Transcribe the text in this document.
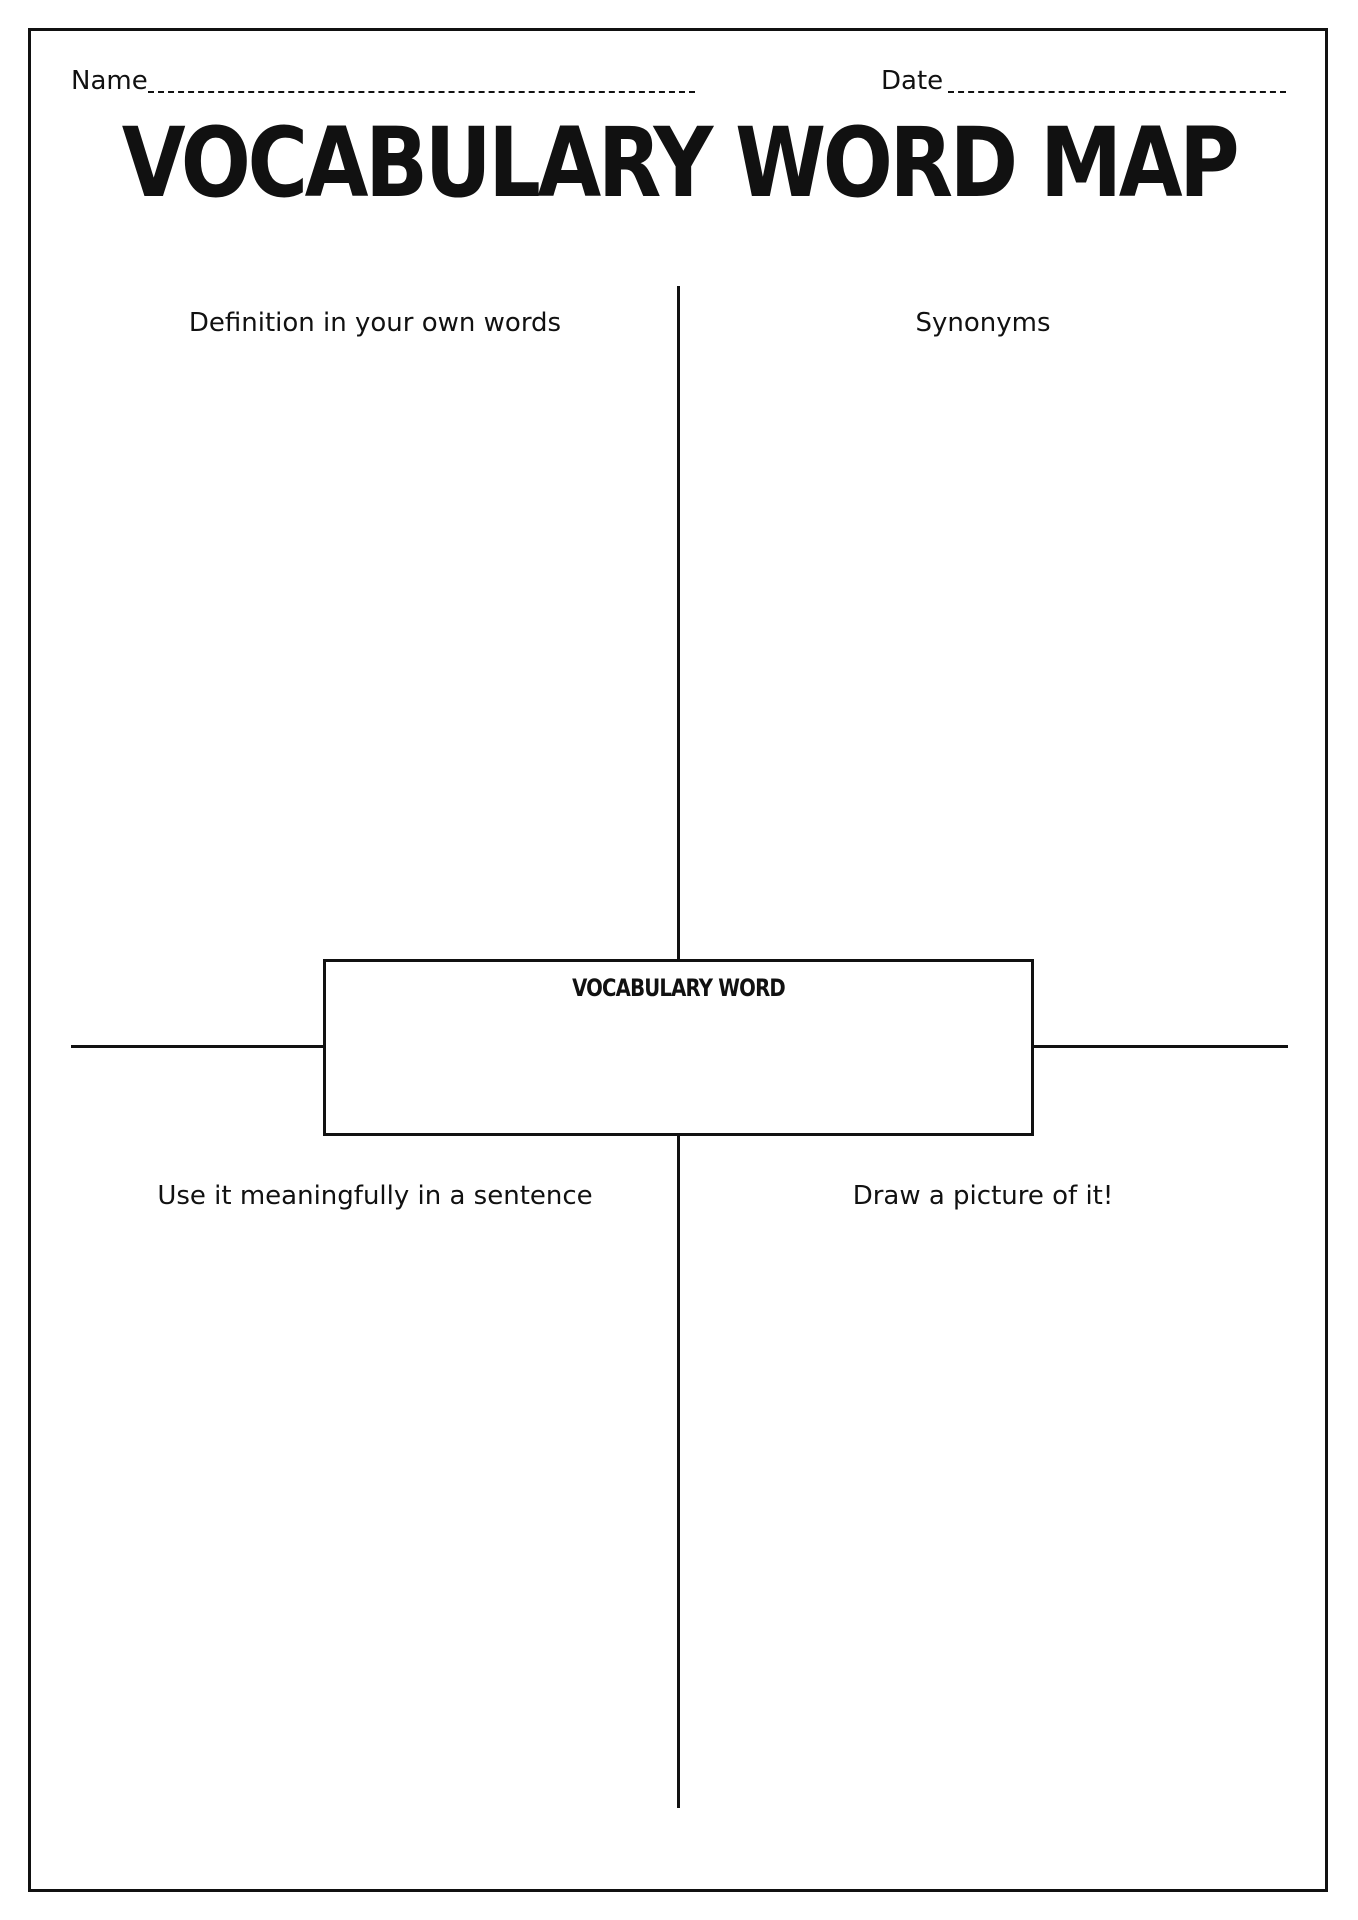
Name	Date
VOCABULARY WORD MAP
Definition in your own words	Synonyms
Use it meaningfully in a sentence	Draw a picture of it!
VOCABULARY WORD
